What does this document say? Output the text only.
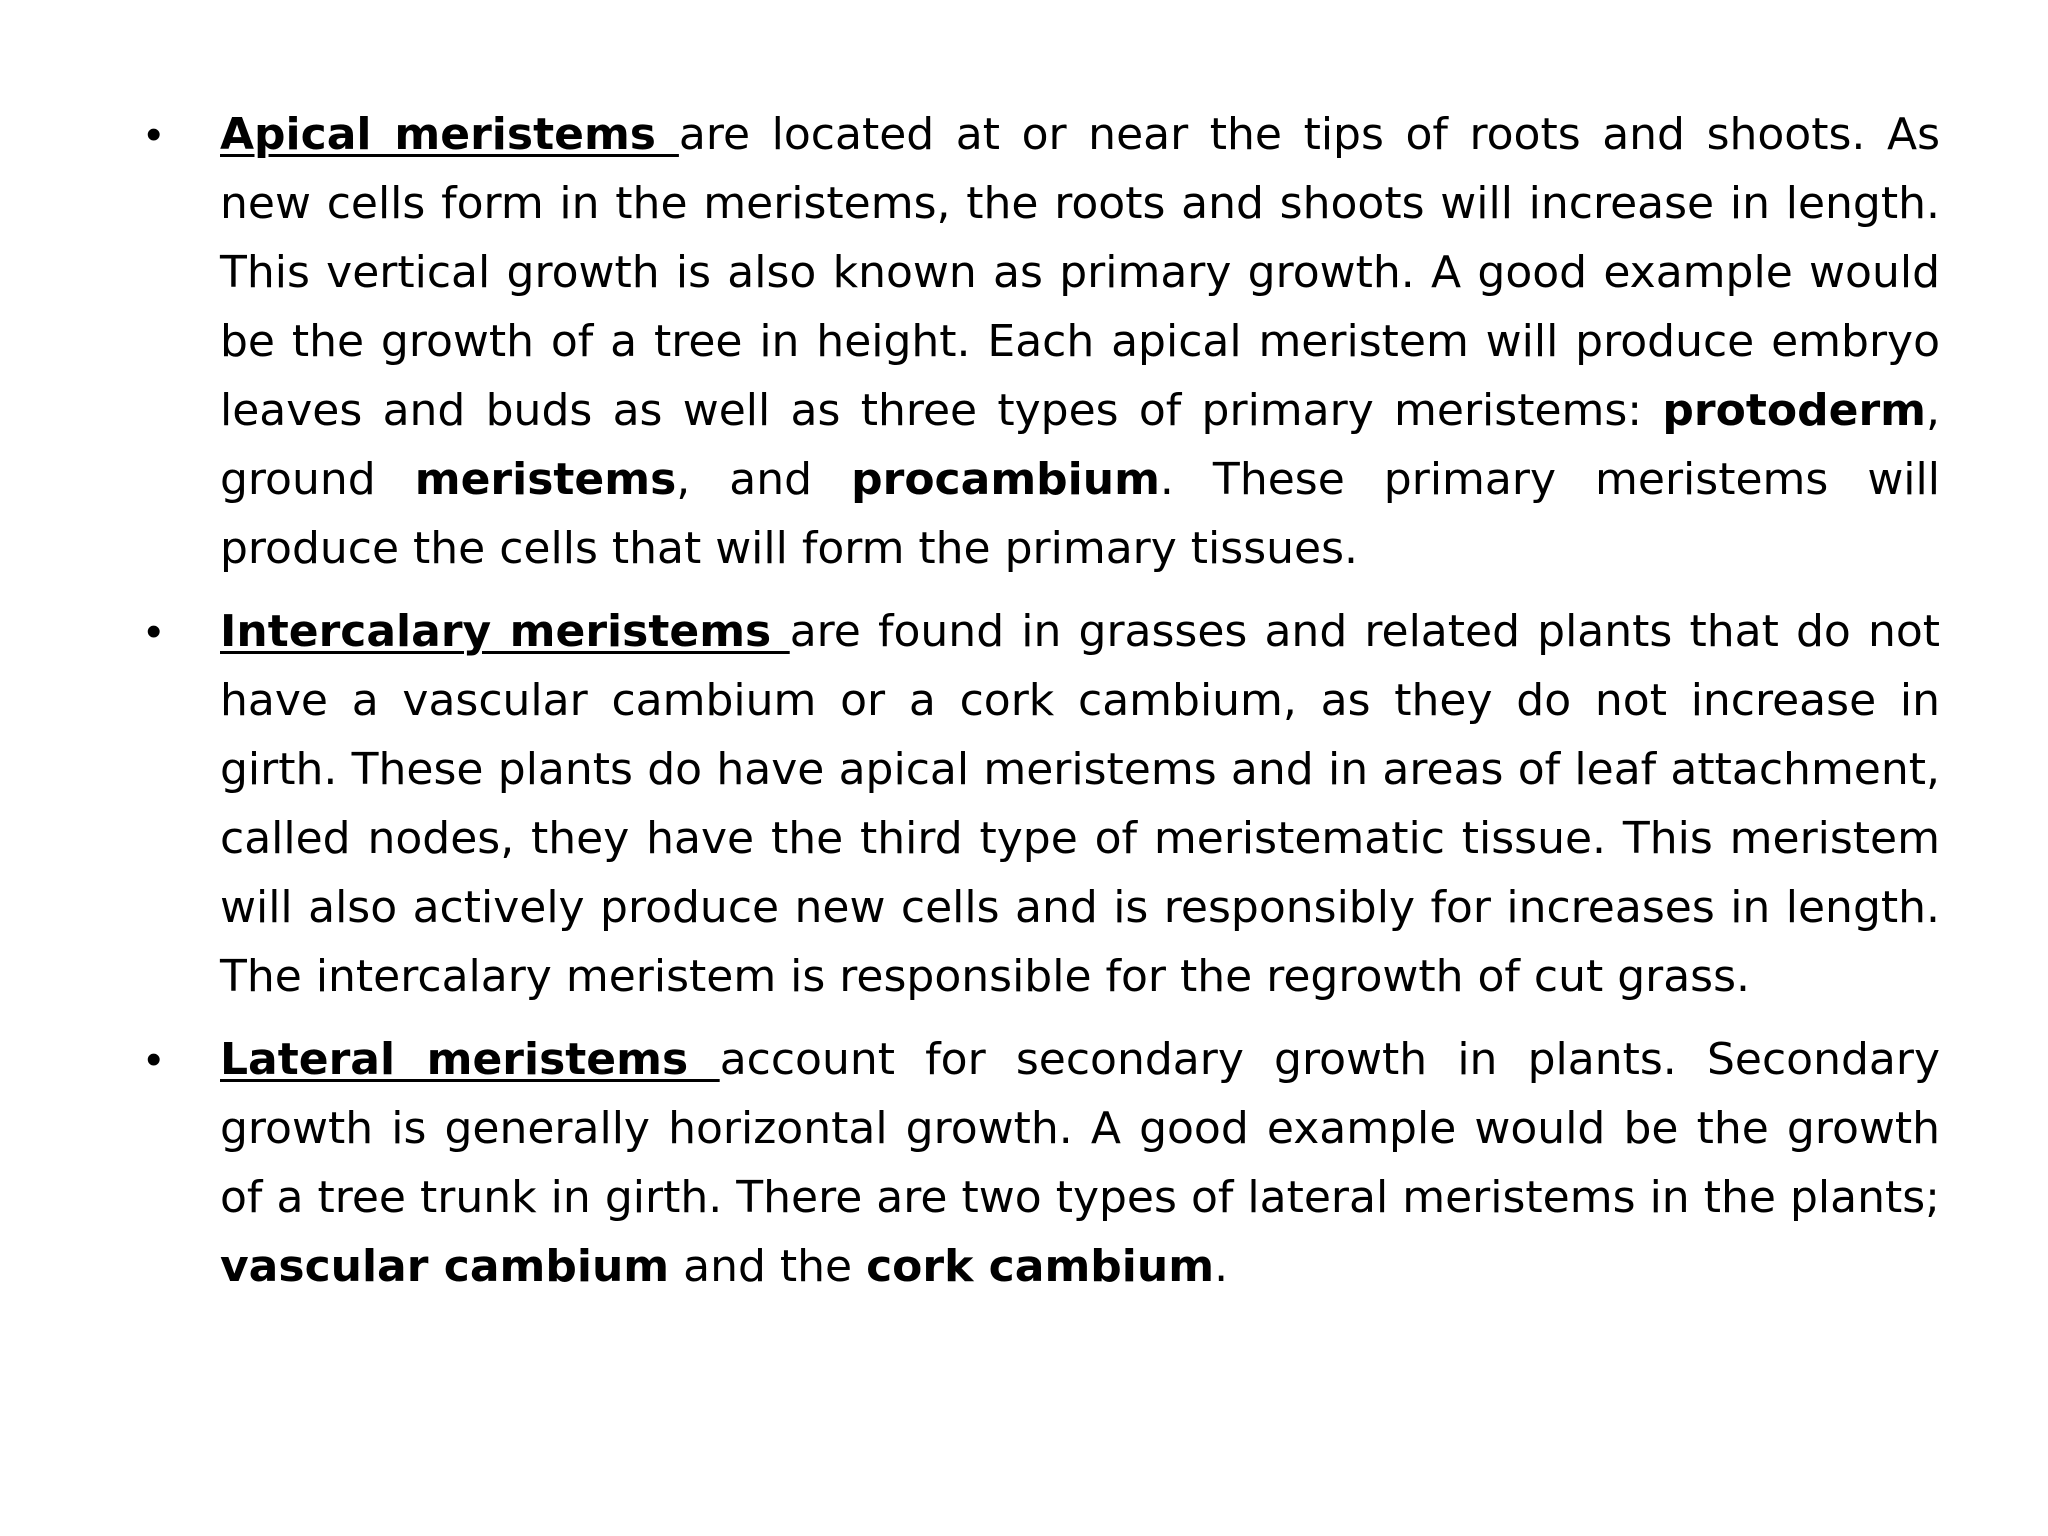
• Apical meristems are located at or near the tips of roots and shoots. As new cells form in the meristems, the roots and shoots will increase in length. This vertical growth is also known as primary growth. A good example would be the growth of a tree in height. Each apical meristem will produce embryo leaves and buds as well as three types of primary meristems: protoderm, ground meristems, and procambium. These primary meristems will produce the cells that will form the primary tissues.

• Intercalary meristems are found in grasses and related plants that do not have a vascular cambium or a cork cambium, as they do not increase in girth. These plants do have apical meristems and in areas of leaf attachment, called nodes, they have the third type of meristematic tissue. This meristem will also actively produce new cells and is responsibly for increases in length. The intercalary meristem is responsible for the regrowth of cut grass.

• Lateral meristems account for secondary growth in plants. Secondary growth is generally horizontal growth. A good example would be the growth of a tree trunk in girth. There are two types of lateral meristems in the plants; vascular cambium and the cork cambium.
